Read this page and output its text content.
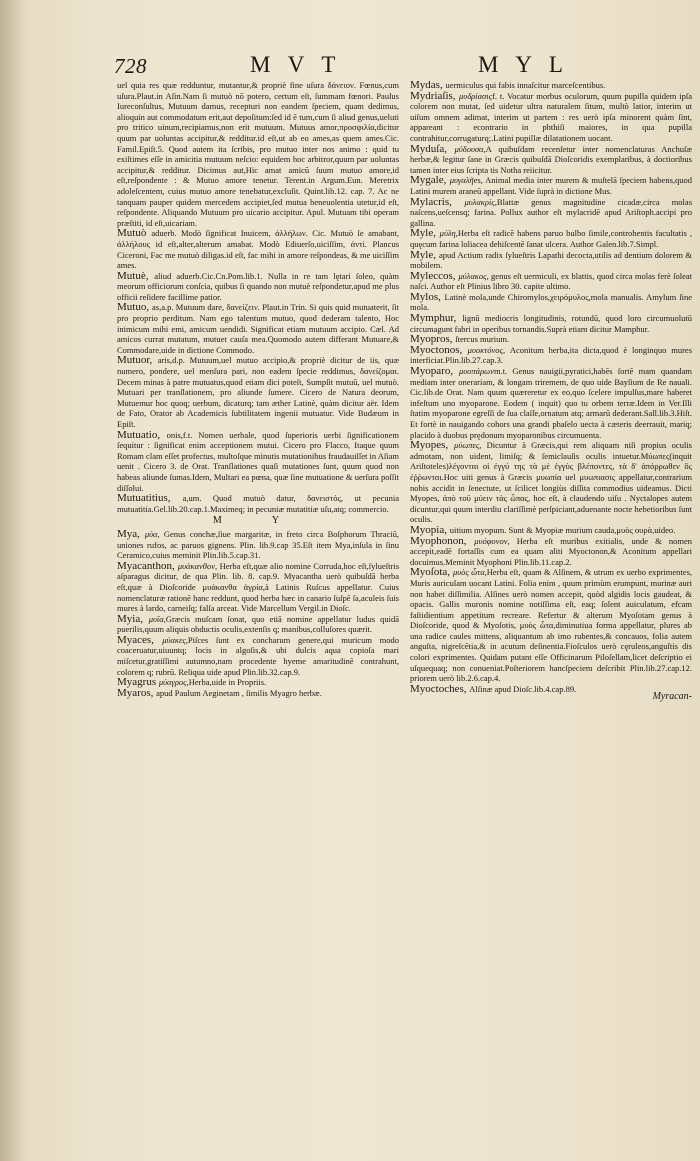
728	M V T	M Y L
uel quia res quæ redduntur, mutantur,& propriè fine uſura δάνειον. Fœnus,cum uſura.Plaut.in Aſin.Nam ſi mutuò nō potero, certum eſt, ſummam fœnori. Paulus Iureconſultus, Mutuum damus, recepturi non eandem ſpeciem, quam dedimus, alioquin aut commodatum erit,aut depoſitum:ſed id ē tum,cum ſi aliud genus,ueluti pro tritico uinum,recipiamus,non erit mutuum. Mutuus amor,προσφιλία,dicitur quum par uoluntas accipitur,& redditur.id eſt,ut ab eo ames,as quem ames.Cic. Famil.Epiſt.5. Quod autem ita ſcribis, pro mutuo inter nos animo : quid tu exiſtimes eſſe in amicitia mutuum neſcio: equidem hoc arbitror,quum par uoluntas accipitur,& redditur. Dicimus aut,Hic amat amicū ſuum mutuo amore,id eſt,reſpondente : & Mutuo amore tenetur. Terent.in Argum.Eun. Meretrix adoleſcentem, cuius mutuo amore tenebatur,excluſit. Quint.lib.12. cap. 7. Ac ne tanquam pauper quidem mercedem accipiet,ſed mutua beneuolentia utetur,id eſt, reſpondente. Aliquando Mutuum pro uicario accipitur. Apul. Mutuam tibi operam præſtiti, id eſt,uicariam.
Mutuò aduerb. Modò ſignificat Inuicem, ἀλλήλων. Cic. Mutuò ſe amabant, ἀλλήλους id eſt,alter,alterum amabat. Modò Ediuerſo,uiciſſim, ἀντί. Plancus Ciceroni, Fac me mutuò diligas.id eſt, fac mihi in amore reſpondeas, & me uiciſſim ames.
Mutuè, aliud aduerb.Cic.Cn.Pom.lib.1. Nulla in re tam lętari ſoleo, quàm meorum officiorum conſcia, quibus ſi quando non mutuè reſpondetur,apud me plus officii reſidere facillime patior.
Mutuo, as,a.p. Mutuum dare, δανείζειν. Plaut.in Trin. Si quis quid mutuaterit, ſit pro proprio perditum. Nam ego talentum mutuo, quod dederam talento, Hoc inimicum mihi emi, amicum uendidi. Significat etiam mutuum accipio. Cæl. Ad amicos currat mutatum, mutuet cauſa mea.Quomodo autem differant Mutuare,& Commodare,uide in dictione Commodo.
Mutuor, aris,d.p. Mutuum,uel mutuo accipio,& propriè dicitur de iis, quæ numero, pondere, uel menſura pari, non eadem ſpecie reddimus, δανείζομαι. Decem minas à patre mutuatus,quod etiam dici poteſt, Sumpſit mutuū, uel mutuò. Mutuari per tranſlationem, pro aliunde ſumere. Cicero de Natura deorum, Mutuemur hoc quoq; uerbum, dicaturq; tam æther Latinè, quàm dicitur aër. Idem de Fato, Orator ab Academicis ſubtilitatem ingenii mutuatur. Vide Budæum in Epiſt.
Mutuatio, onis,f.t. Nomen uerbale, quod ſuperioris uerbi ſignificationem ſequitur : ſignificat enim acceptionem mutui. Cicero pro Flacco, Itaque quum Romam clam eſſet profectus, multoſque minutis mutationibus fraudauiſſet in Aſiam uenit . Cicero 3. de Orat. Tranſlationes quaſi mutationes ſunt, quum quod non habeas aliunde ſumas.Idem, Multari ea pœna, quæ ſine mutuatione & uerſura poſſit diſſolui.
Mutuatitius, a,um. Quod mutuò datur, δανειστός, ut pecunia mutuatitia.Gel.lib.20.cap.1.Maximeq; in pecuniæ mutatitiæ uſu,atq; commercio.
M Y
Mya, μύα, Genus conchæ,ſiue margaritæ, in freto circa Boſphorum Thraciū, uniones rufos, ac paruos gignens. Plin. lib.9.cap 35.Eſt item Mya,inſula in ſinu Ceramico,cuius meminit Plin.lib.5.cap.31.
Myacanthon, μυάκανθον, Herba eſt,quæ alio nomine Corruda,hoc eſt,ſylueſtris aſparagus dicitur, de qua Plin. lib. 8. cap.9. Myacantha uerò quibuſdā herba eſt,quæ à Dioſcoride μυάκανθα ἀγρία,à Latinis Ruſcus appellatur. Cuius nomenclaturæ rationē hanc reddunt, quod herba hæc in canario ſuſpē ſa,aculeis ſuis mures à lardo, carneiſq; falſa arceat. Vide Marcellum Vergil.in Dioſc.
Myia, μυῖα,Græcis muſcam ſonat, quo etiā nomine appellatur ludus quidā puerilis,quum aliquis obductis oculis,extenſis q; manibus,colluſores quærit.
Myaces, μύακες,Piſces ſunt ex concharum genere,qui muricum modo coaceruatur,uiuuntq; locis in algoſis,& ubi dulcis aqua copioſa mari miſcetur,gratiſſimi autumno,nam procedente hyeme amaritudinē contrahunt, colorem q; rubrū. Reliqua uide apud Plin.lib.32.cap.9.
Myagrus μύαγρος,Herba,uide in Propriis.
Myaros, apud Paulum Aeginetam , ſimilis Myagro herbæ.
Mydas, uermiculus qui fabis innaſcitur marceſcentibus.
Mydriaſis, μυδρίασιςf. t. Vocatur morbus oculorum, quum pupilla quidem ipſa colorem non mutat, ſed uidetur ultra naturalem ſitum, multò latior, interim ut uiſum omnem adimat, interim ut partem : res uerò ipſa minorent quàm ſint, appareant : econtrario in phthiſi maiores, in qua pupilla contrahitur,corrugaturq;.Latini pupillæ dilatationem uocant.
Myduſa, μύδουσα,A quibuſdam recenſetur inter nomenclaturas Anchuſæ herbæ,& legitur ſane in Græcis quibuſdā Dioſcoridis exemplaribus, à doctioribus tamen inter eius ſcripta tis Notha reiicitur.
Mygale, μυγαλῆes, Animal media inter murem & muſtelā ſpeciem habens,quod Latini murem araneū appellant. Vide ſuprà in dictione Mus.
Mylacris, μυλακρίς,Blattæ genus magnitudine cicadæ,circa molas naſcens,ueſcensq; farina. Pollux author eſt mylacridē apud Ariſtoph.accipi pro gallina.
Myle, μύλη,Herba eſt radicē habens paruo bulbo ſimile,controhentis facultatis , quęcum farina loliacea dehiſcentē ſanat ulcera. Author Galen.lib.7.Simpl.
Myle, apud Actium radix ſylueſtris Lapathi decocta,utilis ad dentium dolorem & mobilem.
Myleccos, μύλακος, genus eſt uermiculi, ex blattis, quod circa molas ferè ſoleat naſci. Author eſt Plinius libro 30. capite ultimo.
Mylos, Latinè mola,unde Chiromylos,χειρόμυλος,mola manualis. Amylum ſine mola.
Mymphur, lignū mediocris longitudinis, rotundū, quod loro circumuolutū circumagunt fabri in operibus tornandis.Suprà etiam dicitur Mamphur.
Myopros, ſtercus murium.
Myoctonos, μυοκτόνος, Aconitum herba,ita dicta,quod è longinquo mures interficiat.Plin.lib.27.cap.3.
Myoparo, μυοπάρωνm.t. Genus nauigii,pyratici,habēs ſortē mam quandam mediam inter onerariam, & longam triremem, de quo uide Bayſium de Re nauali. Cic.lib.de Orat. Nam quum quæreretur ex eo,quo ſcelere impulſus,mare haberet infeſtum uno myoparone. Eodem ( inquit) quo tu orbem terræ.Idem in Ver.Illi ſtatim myoparone egreſſi de ſua claſſe,ornatum atq; armarū dederant.Sall.lib.3.Hiſt. Et fortè in nauigando cohors una grandi phaſelo uecta à cæteris deerrauit, mariq; placido à duobus prędonum myoparonibus circumuenta.
Myopes, μύωπες, Dicuntur à Græcis,qui rem aliquam niſi propius oculis admotam, non uident, limiſq; & ſemiclauſis oculis intuetur.Μύωπες(inquit Ariſtoteles)λέγονται οἱ ἐγγύ της τὰ μὲ ἐγγὺς βλέποντες, τὰ δ' ἀπόρρωθεν ὃς ἐῤῥωνται.Hoc uiti genus à Græcis μυωπία uel μυωπιασις appellatur,contrarium nobis accidit in ſenectute, ut ſcilicet longiùs diſſita commodius uideamus. Dicti Myopes, ἀπὸ τοῦ μύειν τὰς ὦπας, hoc eſt, à claudendo uiſu . Nyctalopes autem dicuntur,qui quum interdiu clariſſimè perſpiciant,aduenante nocte hebetioribus ſunt oculis.
Myopia, uitium myopum. Sunt & Myopiæ murium cauda,μυὸς ουρὰ,uideo.
Myophonon, μυόφονον, Herba eſt muribus exitialis, unde & nomen accepit,eadē fortaſſis cum ea quam aliti Myoctonon,& Aconitum appellari docuimus.Meminit Myophoni Plin.lib.11.cap.2.
Myoſota, μυὸς ὦτα,Herba eſt, quam & Alſinem, & utrum ex uerbo exprimentes, Muris auriculam uocant Latini. Folia enim , quum primùm erumpunt, murinæ auri non habet diſſimilia. Alſines uerò nomen accepit, quòd algidis locis gaudeat, & opacis. Gallis muronis nomine notiſſima eſt, eaq; ſolent auiculatum, efcam faſtidientium appetitum recreare. Refertur & alterum Myoſotam genus à Dioſcoride, quod & Myoſotis, μυὸς ὦτα,diminutiua forma appellatur, plures ab una radice caules mittens, aliquantum ab imo rubentes,& concauos, folia autem anguſta, nigreſcētia,& in acutum deſinentia.Fioſculos uerò cęruleos,anguſtis dis colori exprimentes. Quidam putant eſſe Officinarum Piloſellam,licet deſcriptio ei uſquequaq; non conueniat.Poſteriorem hancſpeciem deſcribit Plin.lib.27.cap.12. priorem uerò lib.2.6.cap.4.
Myoctoches, Alſinæ apud Dioſc.lib.4.cap.89.
Myracan-
